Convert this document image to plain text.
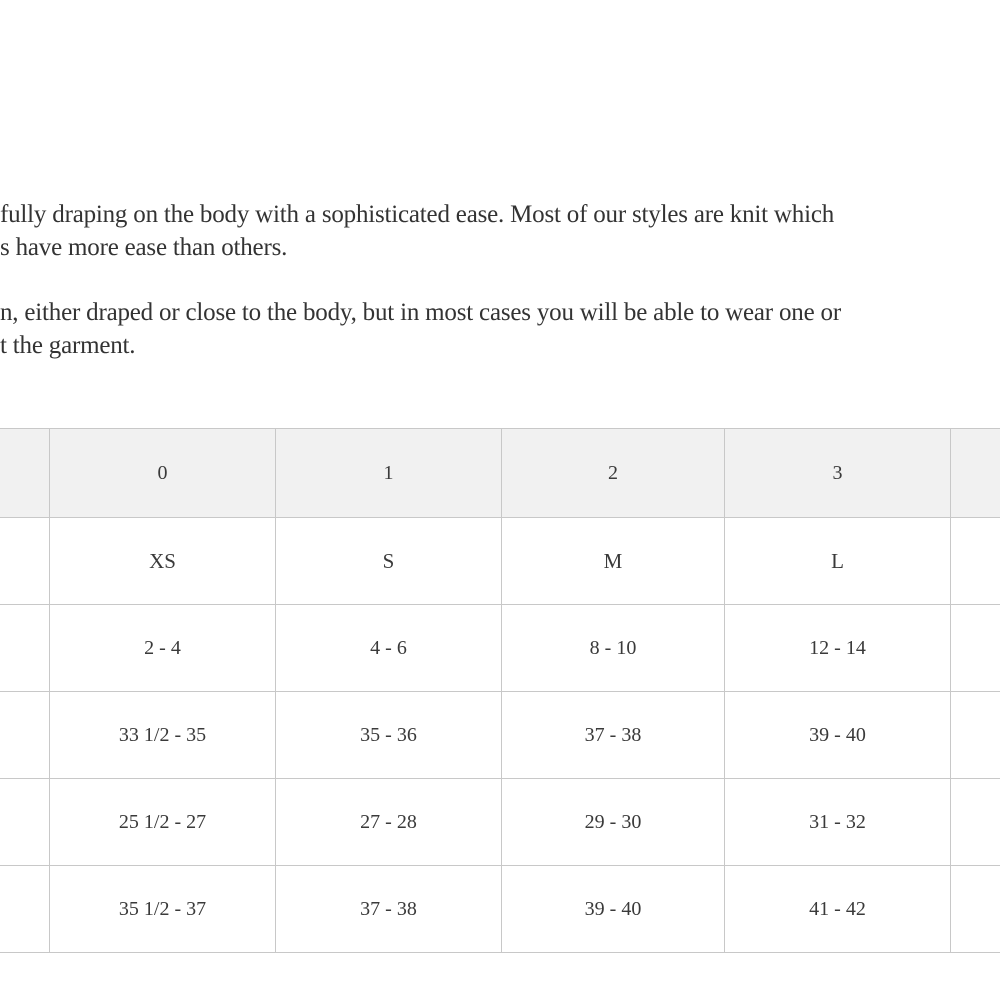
fully draping on the body with a sophisticated ease. Most of our styles are knit which
s have more ease than others.

n, either draped or close to the body, but in most cases you will be able to wear one or
t the garment.

	0	1	2	3	
	XS	S	M	L	
	2 - 4	4 - 6	8 - 10	12 - 14	
	33 1/2 - 35	35 - 36	37 - 38	39 - 40	
	25 1/2 - 27	27 - 28	29 - 30	31 - 32	
	35 1/2 - 37	37 - 38	39 - 40	41 - 42	
